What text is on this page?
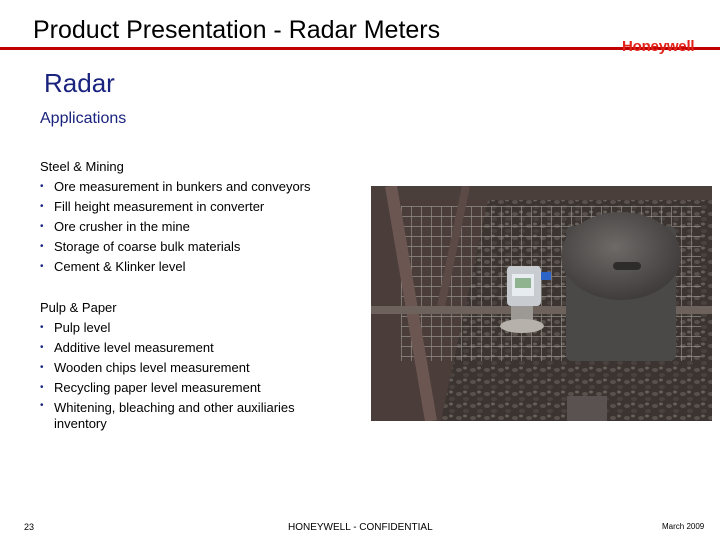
Product Presentation - Radar Meters
Honeywell
Radar
Applications

Steel & Mining

• Ore measurement in bunkers and conveyors
• Fill height measurement in converter
• Ore crusher in the mine
• Storage of coarse bulk materials
• Cement & Klinker level

Pulp & Paper

• Pulp level
• Additive level measurement
• Wooden chips level measurement
• Recycling paper level measurement
• Whitening, bleaching and other auxiliaries inventory
23	HONEYWELL - CONFIDENTIAL	March 2009
